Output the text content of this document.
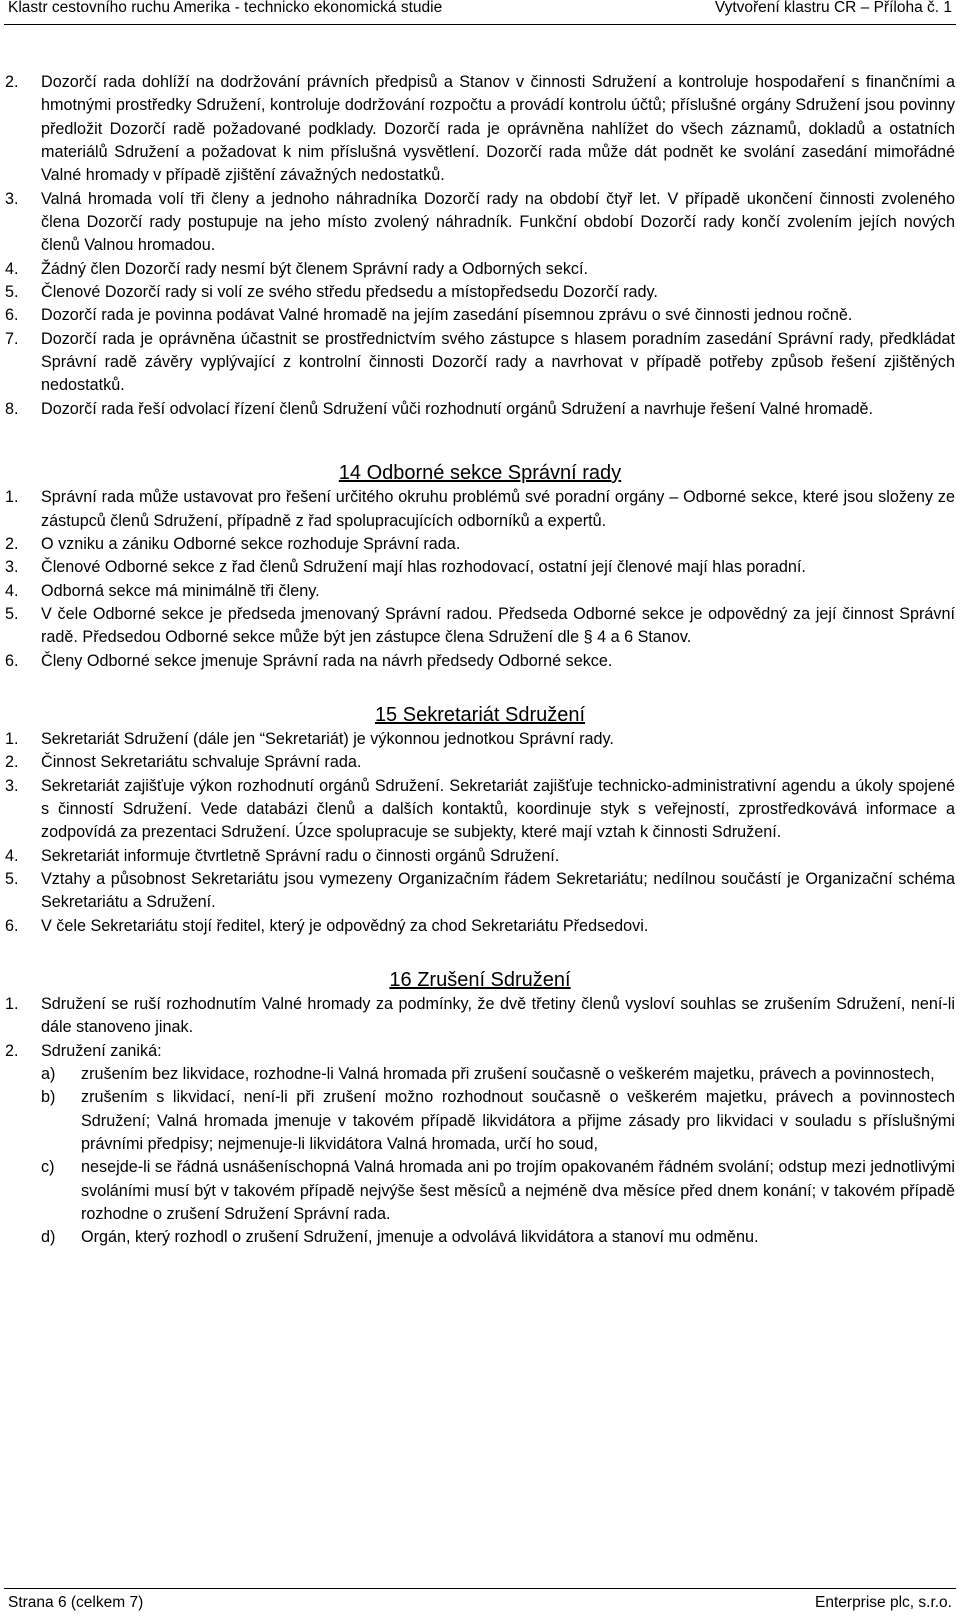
Klastr cestovního ruchu Amerika - technicko ekonomická studie	Vytvoření klastru CR – Příloha č. 1
2.	Dozorčí rada dohlíží na dodržování právních předpisů a Stanov v činnosti Sdružení a kontroluje hospodaření s finančními a hmotnými prostředky Sdružení, kontroluje dodržování rozpočtu a provádí kontrolu účtů; příslušné orgány Sdružení jsou povinny předložit Dozorčí radě požadované podklady. Dozorčí rada je oprávněna nahlížet do všech záznamů, dokladů a ostatních materiálů Sdružení a požadovat k nim příslušná vysvětlení. Dozorčí rada může dát podnět ke svolání zasedání mimořádné Valné hromady v případě zjištění závažných nedostatků.
3.	Valná hromada volí tři členy a jednoho náhradníka Dozorčí rady na období čtyř let. V případě ukončení činnosti zvoleného člena Dozorčí rady postupuje na jeho místo zvolený náhradník. Funkční období Dozorčí rady končí zvolením jejích nových členů Valnou hromadou.
4.	Žádný člen Dozorčí rady nesmí být členem Správní rady a Odborných sekcí.
5.	Členové Dozorčí rady si volí ze svého středu předsedu a místopředsedu Dozorčí rady.
6.	Dozorčí rada je povinna podávat Valné hromadě na jejím zasedání písemnou zprávu o své činnosti jednou ročně.
7.	Dozorčí rada je oprávněna účastnit se prostřednictvím svého zástupce s hlasem poradním zasedání Správní rady, předkládat Správní radě závěry vyplývající z kontrolní činnosti Dozorčí rady a navrhovat v případě potřeby způsob řešení zjištěných nedostatků.
8.	Dozorčí rada řeší odvolací řízení členů Sdružení vůči rozhodnutí orgánů Sdružení a navrhuje řešení Valné hromadě.
14 Odborné sekce Správní rady
1.	Správní rada může ustavovat pro řešení určitého okruhu problémů své poradní orgány – Odborné sekce, které jsou složeny ze zástupců členů Sdružení, případně z řad spolupracujících odborníků a expertů.
2.	O vzniku a zániku Odborné sekce rozhoduje Správní rada.
3.	Členové Odborné sekce z řad členů Sdružení mají hlas rozhodovací, ostatní její členové mají hlas poradní.
4.	Odborná sekce má minimálně tři členy.
5.	V čele Odborné sekce je předseda jmenovaný Správní radou. Předseda Odborné sekce je odpovědný za její činnost Správní radě. Předsedou Odborné sekce může být jen zástupce člena Sdružení dle § 4 a 6 Stanov.
6.	Členy Odborné sekce jmenuje Správní rada na návrh předsedy Odborné sekce.
15 Sekretariát Sdružení
1.	Sekretariát Sdružení (dále jen “Sekretariát) je výkonnou jednotkou Správní rady.
2.	Činnost Sekretariátu schvaluje Správní rada.
3.	Sekretariát zajišťuje výkon rozhodnutí orgánů Sdružení. Sekretariát zajišťuje technicko-administrativní agendu a úkoly spojené s činností Sdružení. Vede databázi členů a dalších kontaktů, koordinuje styk s veřejností, zprostředkovává informace a zodpovídá za prezentaci Sdružení. Úzce spolupracuje se subjekty, které mají vztah k činnosti Sdružení.
4.	Sekretariát informuje čtvrtletně Správní radu o činnosti orgánů Sdružení.
5.	Vztahy a působnost Sekretariátu jsou vymezeny Organizačním řádem Sekretariátu; nedílnou součástí je Organizační schéma Sekretariátu a Sdružení.
6.	V čele Sekretariátu stojí ředitel, který je odpovědný za chod Sekretariátu Předsedovi.
16 Zrušení Sdružení
1.	Sdružení se ruší rozhodnutím Valné hromady za podmínky, že dvě třetiny členů vysloví souhlas se zrušením Sdružení, není-li dále stanoveno jinak.
2.	Sdružení zaniká:
a)	zrušením bez likvidace, rozhodne-li Valná hromada při zrušení současně o veškerém majetku, právech a povinnostech,
b)	zrušením s likvidací, není-li při zrušení možno rozhodnout současně o veškerém majetku, právech a povinnostech Sdružení; Valná hromada jmenuje v takovém případě likvidátora a přijme zásady pro likvidaci v souladu s příslušnými právními předpisy; nejmenuje-li likvidátora Valná hromada, určí ho soud,
c)	nesejde-li se řádná usnášeníschopná Valná hromada ani po trojím opakovaném řádném svolání; odstup mezi jednotlivými svoláními musí být v takovém případě nejvýše šest měsíců a nejméně dva měsíce před dnem konání; v takovém případě rozhodne o zrušení Sdružení Správní rada.
d)	Orgán, který rozhodl o zrušení Sdružení, jmenuje a odvolává likvidátora a stanoví mu odměnu.
Strana 6 (celkem 7)	Enterprise plc, s.r.o.
